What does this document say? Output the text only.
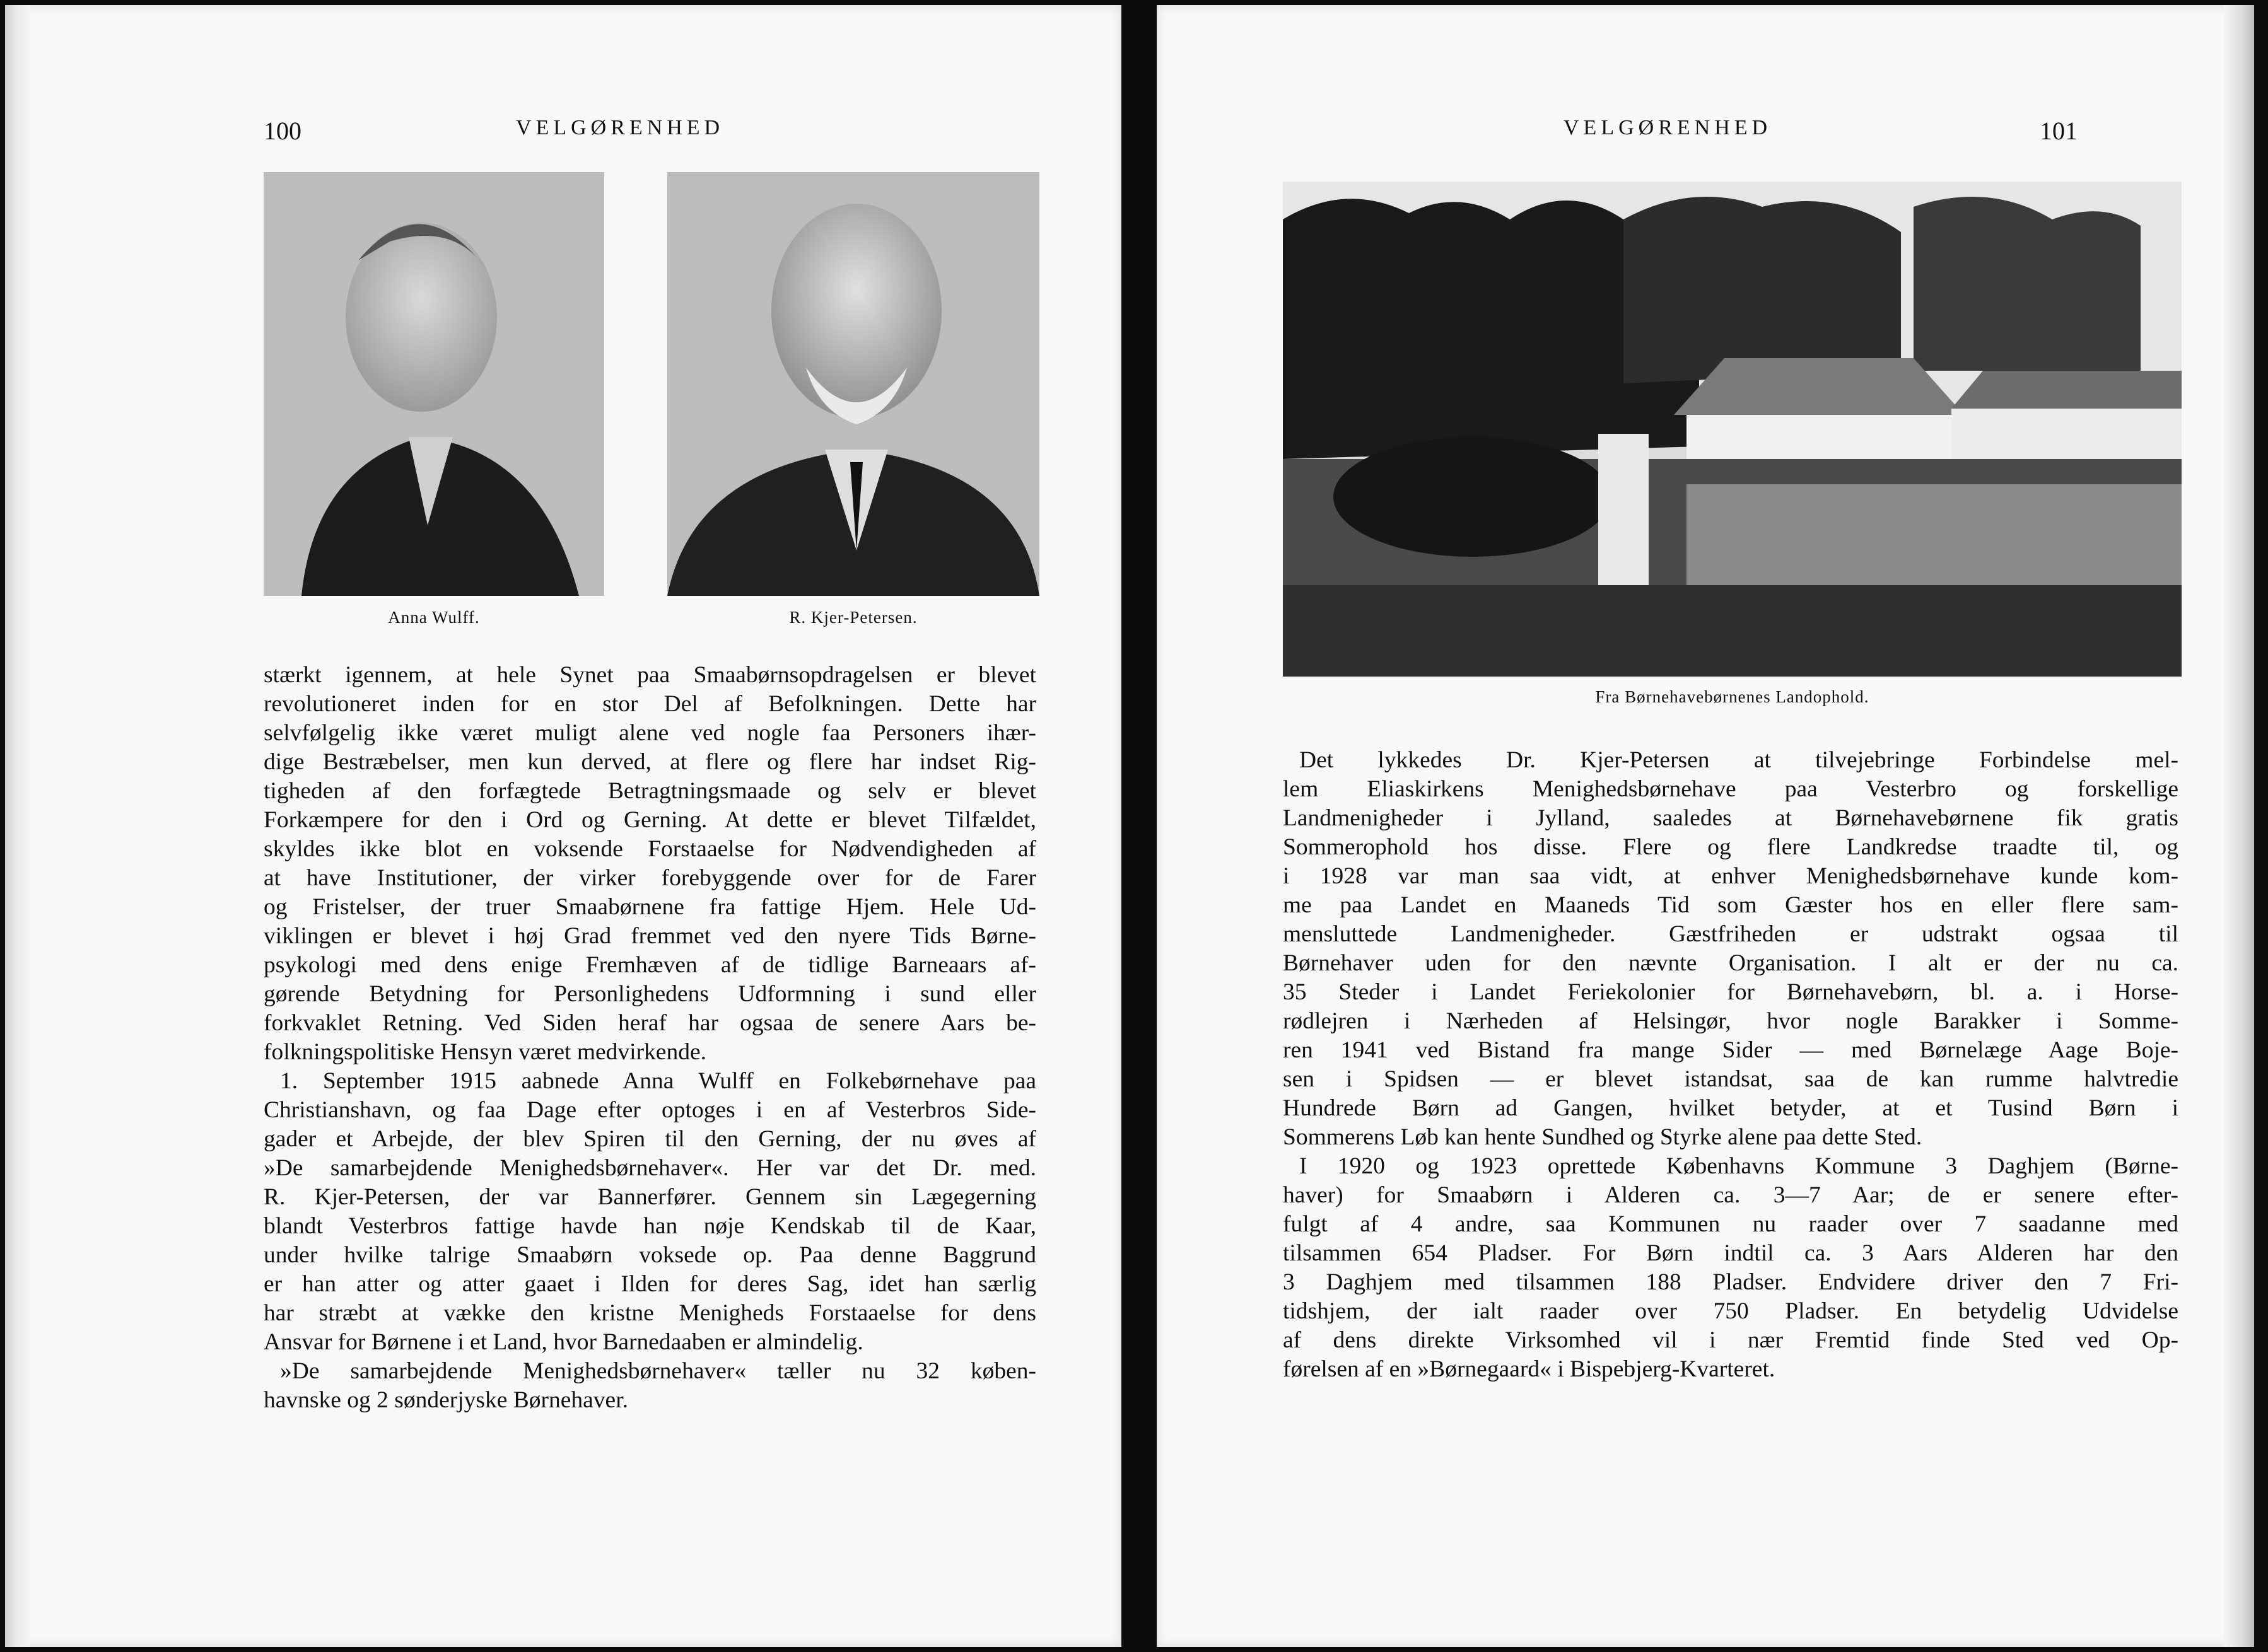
100	VELGØRENHED
Anna Wulff.	R. Kjer-Petersen.
stærkt igennem, at hele Synet paa Smaabørnsopdragelsen er blevet
revolutioneret inden for en stor Del af Befolkningen. Dette har
selvfølgelig ikke været muligt alene ved nogle faa Personers ihær-
dige Bestræbelser, men kun derved, at flere og flere har indset Rig-
tigheden af den forfægtede Betragtningsmaade og selv er blevet
Forkæmpere for den i Ord og Gerning. At dette er blevet Tilfældet,
skyldes ikke blot en voksende Forstaaelse for Nødvendigheden af
at have Institutioner, der virker forebyggende over for de Farer
og Fristelser, der truer Smaabørnene fra fattige Hjem. Hele Ud-
viklingen er blevet i høj Grad fremmet ved den nyere Tids Børne-
psykologi med dens enige Fremhæven af de tidlige Barneaars af-
gørende Betydning for Personlighedens Udformning i sund eller
forkvaklet Retning. Ved Siden heraf har ogsaa de senere Aars be-
folkningspolitiske Hensyn været medvirkende.
1. September 1915 aabnede Anna Wulff en Folkebørnehave paa
Christianshavn, og faa Dage efter optoges i en af Vesterbros Side-
gader et Arbejde, der blev Spiren til den Gerning, der nu øves af
»De samarbejdende Menighedsbørnehaver«. Her var det Dr. med.
R. Kjer-Petersen, der var Bannerfører. Gennem sin Lægegerning
blandt Vesterbros fattige havde han nøje Kendskab til de Kaar,
under hvilke talrige Smaabørn voksede op. Paa denne Baggrund
er han atter og atter gaaet i Ilden for deres Sag, idet han særlig
har stræbt at vække den kristne Menigheds Forstaaelse for dens
Ansvar for Børnene i et Land, hvor Barnedaaben er almindelig.
»De samarbejdende Menighedsbørnehaver« tæller nu 32 køben-
havnske og 2 sønderjyske Børnehaver.
VELGØRENHED	101
Fra Børnehavebørnenes Landophold.
Det lykkedes Dr. Kjer-Petersen at tilvejebringe Forbindelse mel-
lem Eliaskirkens Menighedsbørnehave paa Vesterbro og forskellige
Landmenigheder i Jylland, saaledes at Børnehavebørnene fik gratis
Sommerophold hos disse. Flere og flere Landkredse traadte til, og
i 1928 var man saa vidt, at enhver Menighedsbørnehave kunde kom-
me paa Landet en Maaneds Tid som Gæster hos en eller flere sam-
mensluttede Landmenigheder. Gæstfriheden er udstrakt ogsaa til
Børnehaver uden for den nævnte Organisation. I alt er der nu ca.
35 Steder i Landet Feriekolonier for Børnehavebørn, bl. a. i Horse-
rødlejren i Nærheden af Helsingør, hvor nogle Barakker i Somme-
ren 1941 ved Bistand fra mange Sider — med Børnelæge Aage Boje-
sen i Spidsen — er blevet istandsat, saa de kan rumme halvtredie
Hundrede Børn ad Gangen, hvilket betyder, at et Tusind Børn i
Sommerens Løb kan hente Sundhed og Styrke alene paa dette Sted.
I 1920 og 1923 oprettede Københavns Kommune 3 Daghjem (Børne-
haver) for Smaabørn i Alderen ca. 3—7 Aar; de er senere efter-
fulgt af 4 andre, saa Kommunen nu raader over 7 saadanne med
tilsammen 654 Pladser. For Børn indtil ca. 3 Aars Alderen har den
3 Daghjem med tilsammen 188 Pladser. Endvidere driver den 7 Fri-
tidshjem, der ialt raader over 750 Pladser. En betydelig Udvidelse
af dens direkte Virksomhed vil i nær Fremtid finde Sted ved Op-
førelsen af en »Børnegaard« i Bispebjerg-Kvarteret.
